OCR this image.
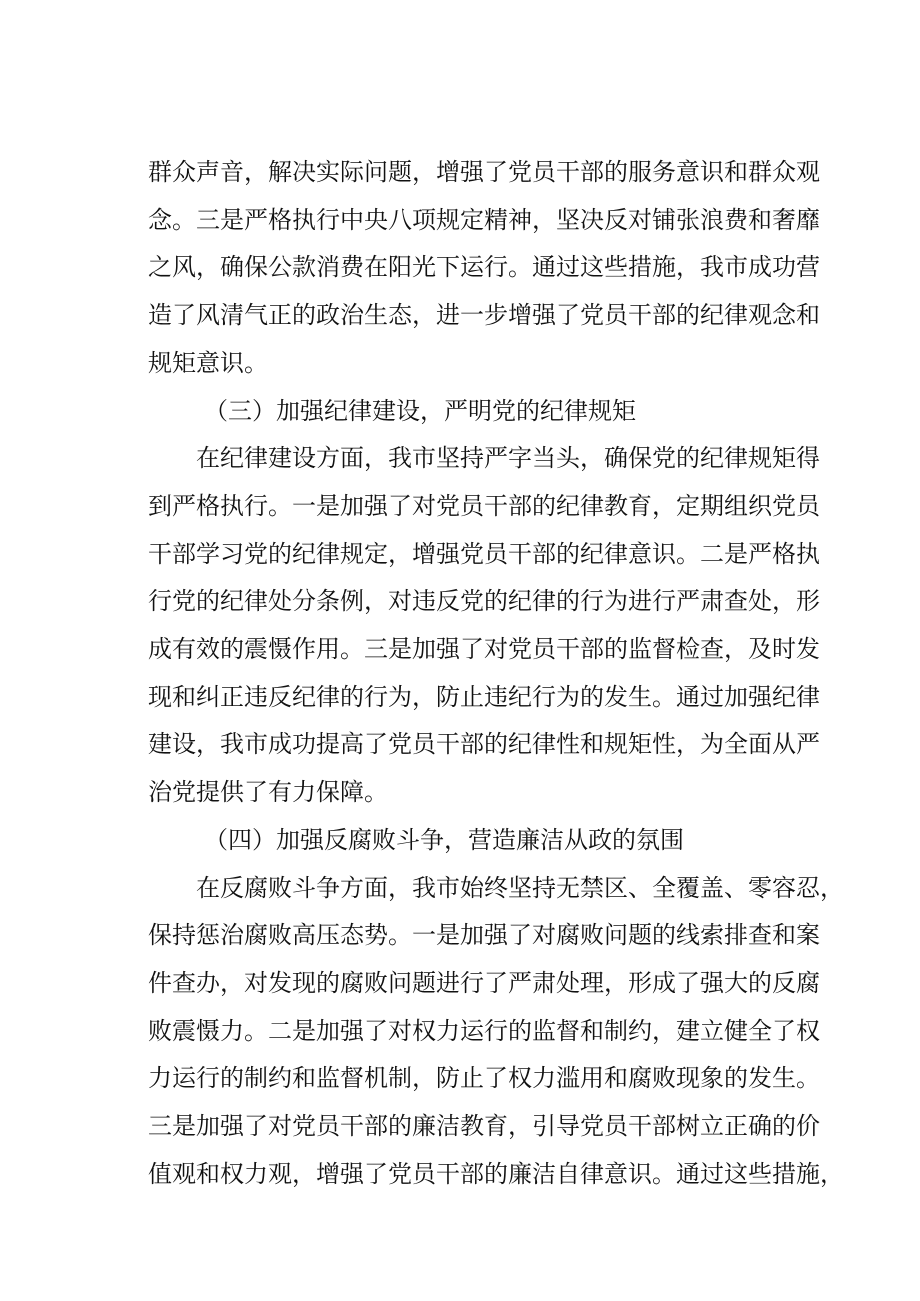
群众声音，解决实际问题，增强了党员干部的服务意识和群众观
念。三是严格执行中央八项规定精神，坚决反对铺张浪费和奢靡
之风，确保公款消费在阳光下运行。通过这些措施，我市成功营
造了风清气正的政治生态，进一步增强了党员干部的纪律观念和
规矩意识。
（三）加强纪律建设，严明党的纪律规矩
在纪律建设方面，我市坚持严字当头，确保党的纪律规矩得
到严格执行。一是加强了对党员干部的纪律教育，定期组织党员
干部学习党的纪律规定，增强党员干部的纪律意识。二是严格执
行党的纪律处分条例，对违反党的纪律的行为进行严肃查处，形
成有效的震慑作用。三是加强了对党员干部的监督检查，及时发
现和纠正违反纪律的行为，防止违纪行为的发生。通过加强纪律
建设，我市成功提高了党员干部的纪律性和规矩性，为全面从严
治党提供了有力保障。
（四）加强反腐败斗争，营造廉洁从政的氛围
在反腐败斗争方面，我市始终坚持无禁区、全覆盖、零容忍，
保持惩治腐败高压态势。一是加强了对腐败问题的线索排查和案
件查办，对发现的腐败问题进行了严肃处理，形成了强大的反腐
败震慑力。二是加强了对权力运行的监督和制约，建立健全了权
力运行的制约和监督机制，防止了权力滥用和腐败现象的发生。
三是加强了对党员干部的廉洁教育，引导党员干部树立正确的价
值观和权力观，增强了党员干部的廉洁自律意识。通过这些措施，
